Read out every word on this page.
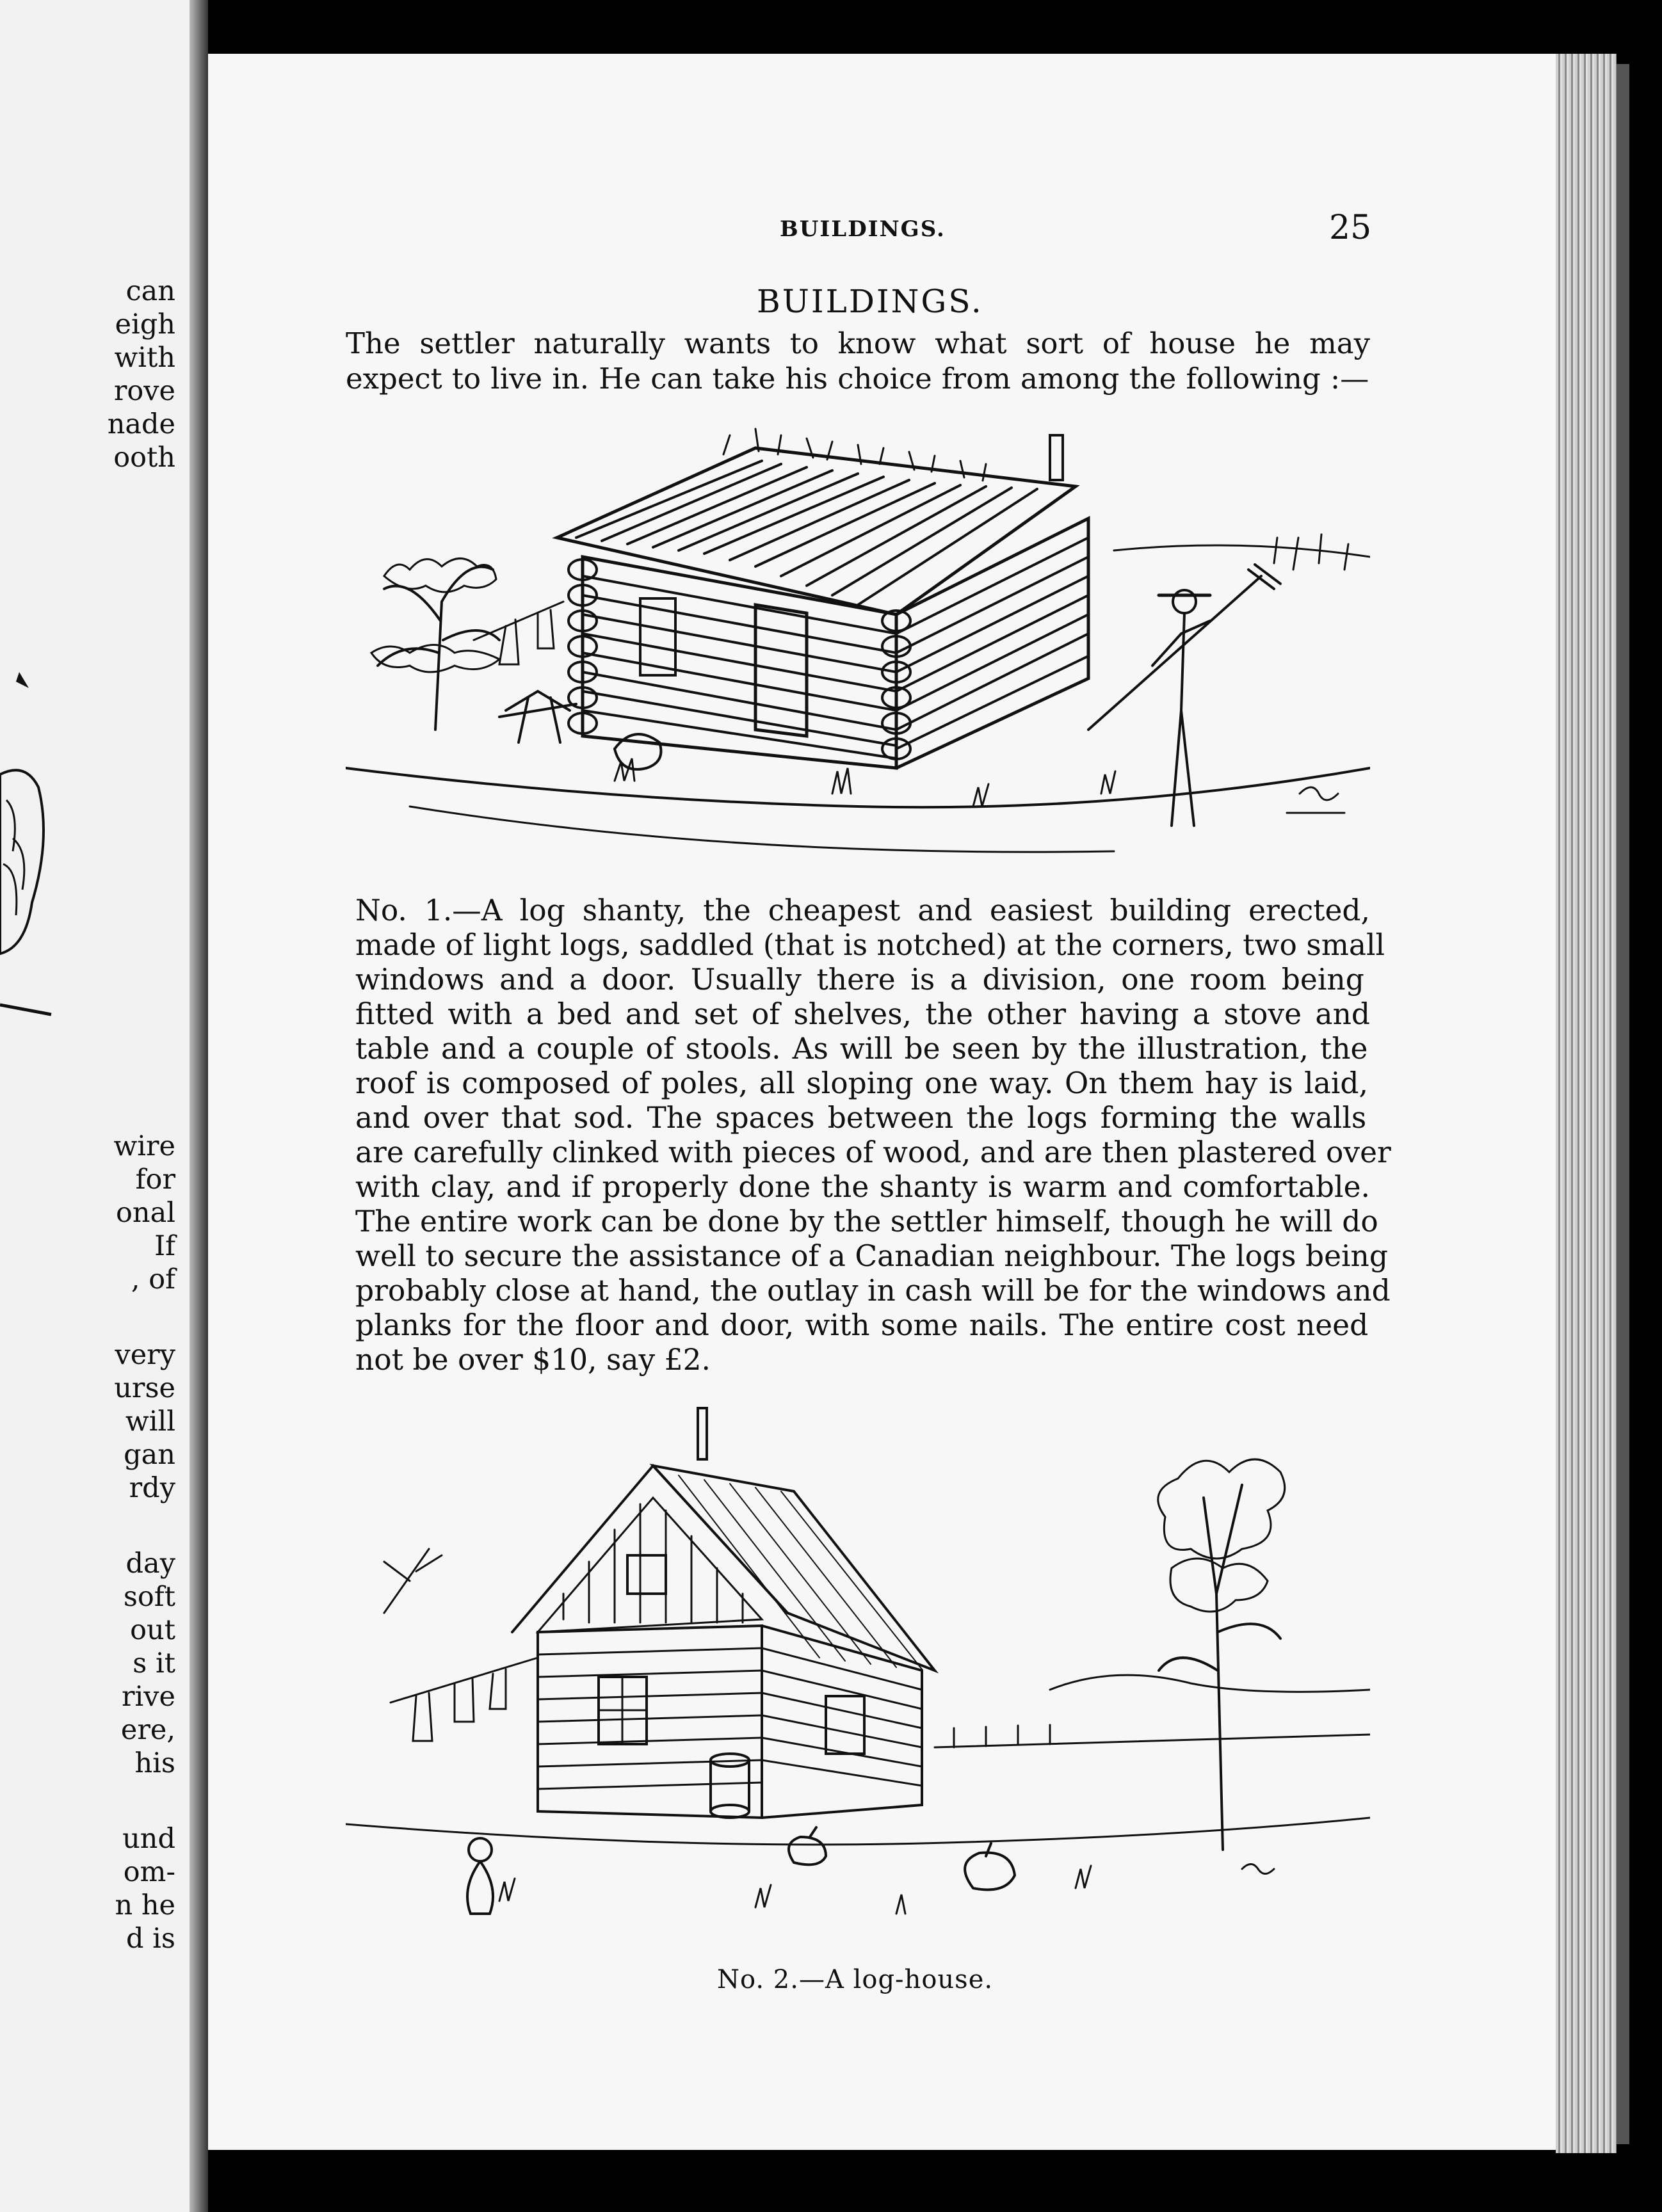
can
eigh
with
rove
nade
ooth
wire
for
onal
If
, of
very
urse
will
gan
rdy
day
soft
out
s it
rive
ere,
his
und
om-
n he
d is
BUILDINGS.	25
BUILDINGS.
The settler naturally wants to know what sort of house he may
expect to live in. He can take his choice from among the following :—
No. 1.—A log shanty, the cheapest and easiest building erected,
made of light logs, saddled (that is notched) at the corners, two small
windows and a door. Usually there is a division, one room being
fitted with a bed and set of shelves, the other having a stove and
table and a couple of stools. As will be seen by the illustration, the
roof is composed of poles, all sloping one way. On them hay is laid,
and over that sod. The spaces between the logs forming the walls
are carefully clinked with pieces of wood, and are then plastered over
with clay, and if properly done the shanty is warm and comfortable.
The entire work can be done by the settler himself, though he will do
well to secure the assistance of a Canadian neighbour. The logs being
probably close at hand, the outlay in cash will be for the windows and
planks for the floor and door, with some nails. The entire cost need
not be over $10, say £2.
No. 2.—A log-house.
